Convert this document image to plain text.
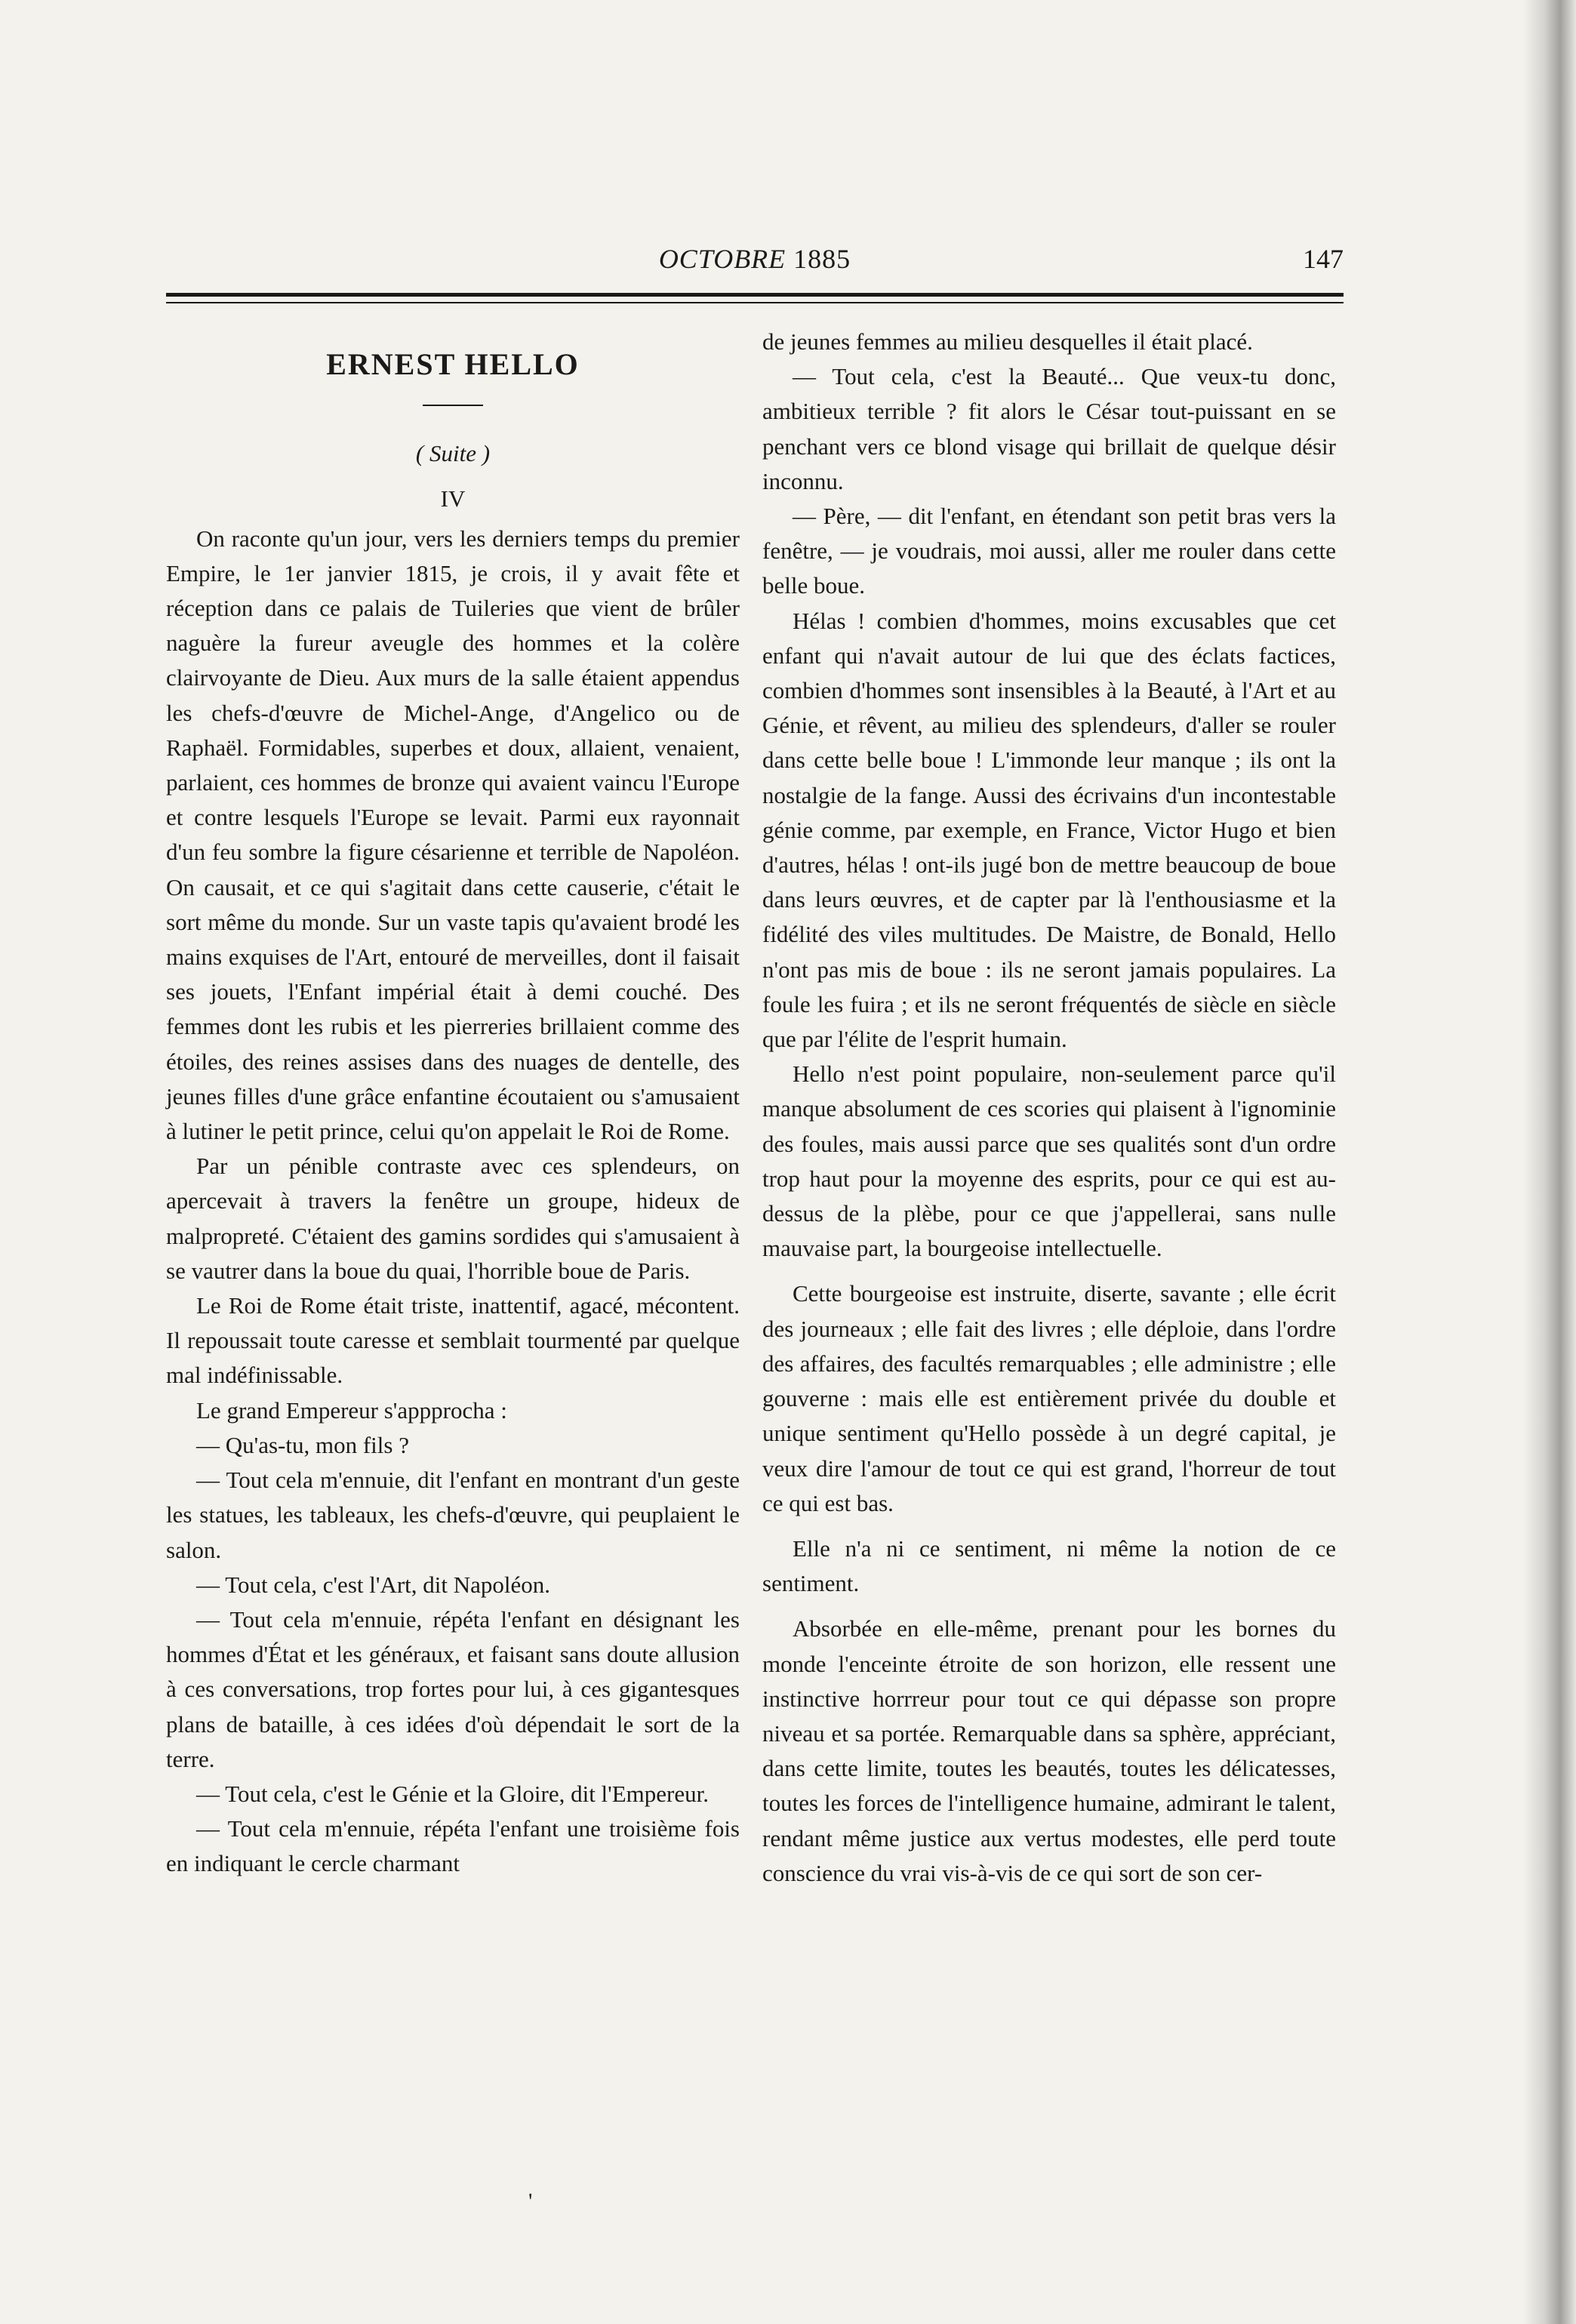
OCTOBRE 1885	147
ERNEST HELLO
( Suite )
IV

On raconte qu'un jour, vers les derniers temps du premier Empire, le 1er janvier 1815, je crois, il y avait fête et réception dans ce palais de Tuileries que vient de brûler naguère la fureur aveugle des hommes et la colère clairvoyante de Dieu. Aux murs de la salle étaient appendus les chefs-d'œuvre de Michel-Ange, d'Angelico ou de Raphaël. Formidables, superbes et doux, allaient, venaient, parlaient, ces hommes de bronze qui avaient vaincu l'Europe et contre lesquels l'Europe se levait. Parmi eux rayonnait d'un feu sombre la figure césarienne et terrible de Napoléon. On causait, et ce qui s'agitait dans cette causerie, c'était le sort même du monde. Sur un vaste tapis qu'avaient brodé les mains exquises de l'Art, entouré de merveilles, dont il faisait ses jouets, l'Enfant impérial était à demi couché. Des femmes dont les rubis et les pierreries brillaient comme des étoiles, des reines assises dans des nuages de dentelle, des jeunes filles d'une grâce enfantine écoutaient ou s'amusaient à lutiner le petit prince, celui qu'on appelait le Roi de Rome.

Par un pénible contraste avec ces splendeurs, on apercevait à travers la fenêtre un groupe, hideux de malpropreté. C'étaient des gamins sordides qui s'amusaient à se vautrer dans la boue du quai, l'horrible boue de Paris.

Le Roi de Rome était triste, inattentif, agacé, mécontent. Il repoussait toute caresse et semblait tourmenté par quelque mal indéfinissable.

Le grand Empereur s'appprocha :

— Qu'as-tu, mon fils ?

— Tout cela m'ennuie, dit l'enfant en montrant d'un geste les statues, les tableaux, les chefs-d'œuvre, qui peuplaient le salon.

— Tout cela, c'est l'Art, dit Napoléon.

— Tout cela m'ennuie, répéta l'enfant en désignant les hommes d'État et les généraux, et faisant sans doute allusion à ces conversations, trop fortes pour lui, à ces gigantesques plans de bataille, à ces idées d'où dépendait le sort de la terre.

— Tout cela, c'est le Génie et la Gloire, dit l'Empereur.

— Tout cela m'ennuie, répéta l'enfant une troisième fois en indiquant le cercle charmant

de jeunes femmes au milieu desquelles il était placé.

— Tout cela, c'est la Beauté... Que veux-tu donc, ambitieux terrible ? fit alors le César tout-puissant en se penchant vers ce blond visage qui brillait de quelque désir inconnu.

— Père, — dit l'enfant, en étendant son petit bras vers la fenêtre, — je voudrais, moi aussi, aller me rouler dans cette belle boue.

Hélas ! combien d'hommes, moins excusables que cet enfant qui n'avait autour de lui que des éclats factices, combien d'hommes sont insensibles à la Beauté, à l'Art et au Génie, et rêvent, au milieu des splendeurs, d'aller se rouler dans cette belle boue ! L'immonde leur manque ; ils ont la nostalgie de la fange. Aussi des écrivains d'un incontestable génie comme, par exemple, en France, Victor Hugo et bien d'autres, hélas ! ont-ils jugé bon de mettre beaucoup de boue dans leurs œuvres, et de capter par là l'enthousiasme et la fidélité des viles multitudes. De Maistre, de Bonald, Hello n'ont pas mis de boue : ils ne seront jamais populaires. La foule les fuira ; et ils ne seront fréquentés de siècle en siècle que par l'élite de l'esprit humain.

Hello n'est point populaire, non-seulement parce qu'il manque absolument de ces scories qui plaisent à l'ignominie des foules, mais aussi parce que ses qualités sont d'un ordre trop haut pour la moyenne des esprits, pour ce qui est au-dessus de la plèbe, pour ce que j'appellerai, sans nulle mauvaise part, la bourgeoise intellectuelle.

Cette bourgeoise est instruite, diserte, savante ; elle écrit des journeaux ; elle fait des livres ; elle déploie, dans l'ordre des affaires, des facultés remarquables ; elle administre ; elle gouverne : mais elle est entièrement privée du double et unique sentiment qu'Hello possède à un degré capital, je veux dire l'amour de tout ce qui est grand, l'horreur de tout ce qui est bas.

Elle n'a ni ce sentiment, ni même la notion de ce sentiment.

Absorbée en elle-même, prenant pour les bornes du monde l'enceinte étroite de son horizon, elle ressent une instinctive horrreur pour tout ce qui dépasse son propre niveau et sa portée. Remarquable dans sa sphère, appréciant, dans cette limite, toutes les beautés, toutes les délicatesses, toutes les forces de l'intelligence humaine, admirant le talent, rendant même justice aux vertus modestes, elle perd toute conscience du vrai vis-à-vis de ce qui sort de son cer-

'
